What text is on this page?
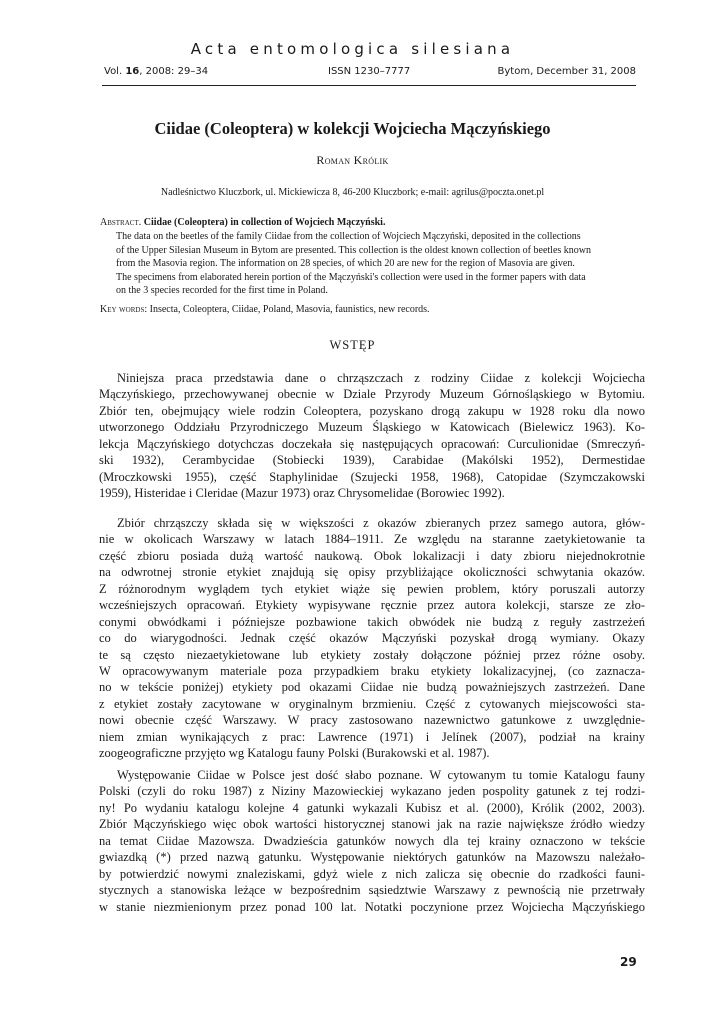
Acta entomologica silesiana
Vol. 16, 2008: 29–34	ISSN 1230–7777	Bytom, December 31, 2008
Ciidae (Coleoptera) w kolekcji Wojciecha Mączyńskiego
Roman Królik
Nadleśnictwo Kluczbork, ul. Mickiewicza 8, 46-200 Kluczbork; e-mail: agrilus@poczta.onet.pl
Abstract. Ciidae (Coleoptera) in collection of Wojciech Mączyński.
The data on the beetles of the family Ciidae from the collection of Wojciech Mączyński, deposited in the collections
of the Upper Silesian Museum in Bytom are presented. This collection is the oldest known collection of beetles known
from the Masovia region. The information on 28 species, of which 20 are new for the region of Masovia are given.
The specimens from elaborated herein portion of the Mączyński's collection were used in the former papers with data
on the 3 species recorded for the first time in Poland.
Key words: Insecta, Coleoptera, Ciidae, Poland, Masovia, faunistics, new records.
WSTĘP
Niniejsza praca przedstawia dane o chrząszczach z rodziny Ciidae z kolekcji Wojciecha
Mączyńskiego, przechowywanej obecnie w Dziale Przyrody Muzeum Górnośląskiego w Bytomiu.
Zbiór ten, obejmujący wiele rodzin Coleoptera, pozyskano drogą zakupu w 1928 roku dla nowo
utworzonego Oddziału Przyrodniczego Muzeum Śląskiego w Katowicach (Bielewicz 1963). Ko-
lekcja Mączyńskiego dotychczas doczekała się następujących opracowań: Curculionidae (Smreczyń-
ski 1932), Cerambycidae (Stobiecki 1939), Carabidae (Makólski 1952), Dermestidae
(Mroczkowski 1955), część Staphylinidae (Szujecki 1958, 1968), Catopidae (Szymczakowski
1959), Histeridae i Cleridae (Mazur 1973) oraz Chrysomelidae (Borowiec 1992).
Zbiór chrząszczy składa się w większości z okazów zbieranych przez samego autora, głów-
nie w okolicach Warszawy w latach 1884–1911. Ze względu na staranne zaetykietowanie ta
część zbioru posiada dużą wartość naukową. Obok lokalizacji i daty zbioru niejednokrotnie
na odwrotnej stronie etykiet znajdują się opisy przybliżające okoliczności schwytania okazów.
Z różnorodnym wyglądem tych etykiet wiąże się pewien problem, który poruszali autorzy
wcześniejszych opracowań. Etykiety wypisywane ręcznie przez autora kolekcji, starsze ze zło-
conymi obwódkami i późniejsze pozbawione takich obwódek nie budzą z reguły zastrzeżeń
co do wiarygodności. Jednak część okazów Mączyński pozyskał drogą wymiany. Okazy
te są często niezaetykietowane lub etykiety zostały dołączone później przez różne osoby.
W opracowywanym materiale poza przypadkiem braku etykiety lokalizacyjnej, (co zaznacza-
no w tekście poniżej) etykiety pod okazami Ciidae nie budzą poważniejszych zastrzeżeń. Dane
z etykiet zostały zacytowane w oryginalnym brzmieniu. Część z cytowanych miejscowości sta-
nowi obecnie część Warszawy. W pracy zastosowano nazewnictwo gatunkowe z uwzględnie-
niem zmian wynikających z prac: Lawrence (1971) i Jelínek (2007), podział na krainy
zoogeograficzne przyjęto wg Katalogu fauny Polski (Burakowski et al. 1987).
Występowanie Ciidae w Polsce jest dość słabo poznane. W cytowanym tu tomie Katalogu fauny
Polski (czyli do roku 1987) z Niziny Mazowieckiej wykazano jeden pospolity gatunek z tej rodzi-
ny! Po wydaniu katalogu kolejne 4 gatunki wykazali Kubisz et al. (2000), Królik (2002, 2003).
Zbiór Mączyńskiego więc obok wartości historycznej stanowi jak na razie największe źródło wiedzy
na temat Ciidae Mazowsza. Dwadzieścia gatunków nowych dla tej krainy oznaczono w tekście
gwiazdką (*) przed nazwą gatunku. Występowanie niektórych gatunków na Mazowszu należało-
by potwierdzić nowymi znaleziskami, gdyż wiele z nich zalicza się obecnie do rzadkości fauni-
stycznych a stanowiska leżące w bezpośrednim sąsiedztwie Warszawy z pewnością nie przetrwały
w stanie niezmienionym przez ponad 100 lat. Notatki poczynione przez Wojciecha Mączyńskiego
29
